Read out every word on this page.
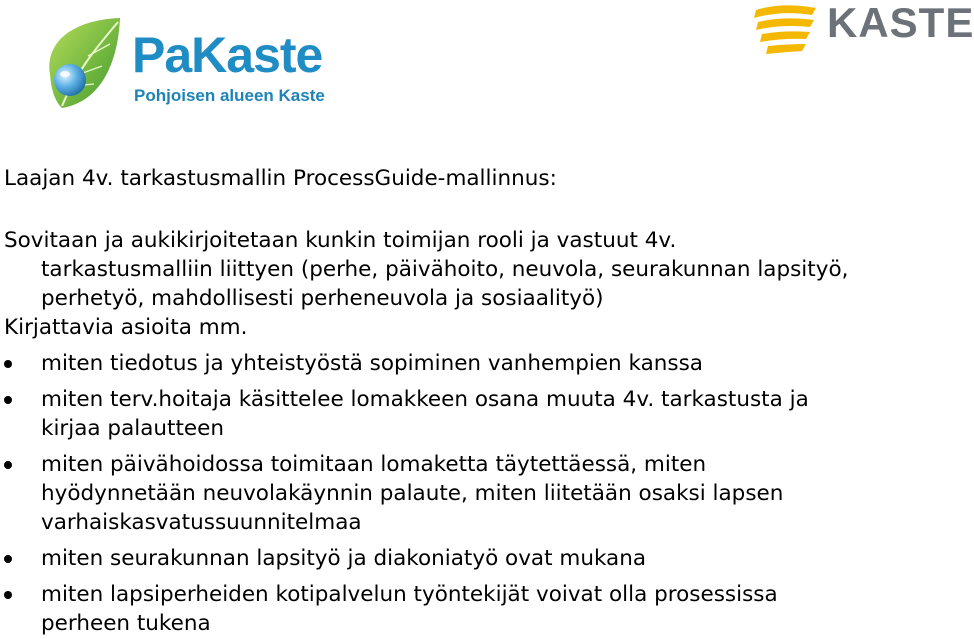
PaKaste
Pohjoisen alueen Kaste
KASTE

Laajan 4v. tarkastusmallin ProcessGuide-mallinnus:

Sovitaan ja aukikirjoitetaan kunkin toimijan rooli ja vastuut 4v.

tarkastusmalliin liittyen (perhe, päivähoito, neuvola, seurakunnan lapsityö,

perhetyö, mahdollisesti perheneuvola ja sosiaalityö)

Kirjattavia asioita mm.

miten tiedotus ja yhteistyöstä sopiminen vanhempien kanssa

miten terv.hoitaja käsittelee lomakkeen osana muuta 4v. tarkastusta ja

kirjaa palautteen

miten päivähoidossa toimitaan lomaketta täytettäessä, miten

hyödynnetään neuvolakäynnin palaute, miten liitetään osaksi lapsen

varhaiskasvatussuunnitelmaa

miten seurakunnan lapsityö ja diakoniatyö ovat mukana

miten lapsiperheiden kotipalvelun työntekijät voivat olla prosessissa

perheen tukena
